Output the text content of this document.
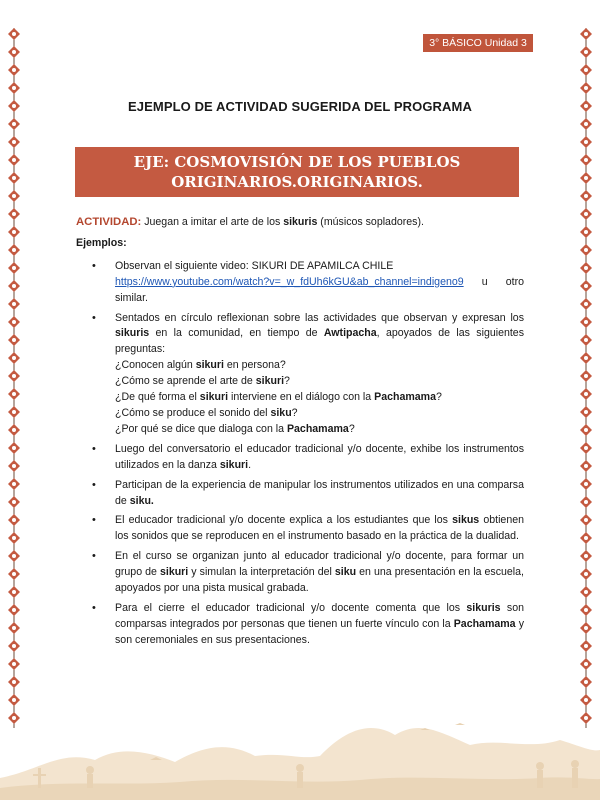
3° BÁSICO Unidad 3
EJEMPLO DE ACTIVIDAD SUGERIDA DEL PROGRAMA
EJE: COSMOVISIÓN DE LOS PUEBLOS
ORIGINARIOS.ORIGINARIOS.

ACTIVIDAD: Juegan a imitar el arte de los sikuris (músicos sopladores).

Ejemplos:

• Observan el siguiente video: SIKURI DE APAMILCA CHILE
https://www.youtube.com/watch?v=_w_fdUh6kGU&ab_channel=indigeno9 u otro similar.
• Sentados en círculo reflexionan sobre las actividades que observan y expresan los sikuris en la comunidad, en tiempo de Awtipacha, apoyados de las siguientes preguntas:
¿Conocen algún sikuri en persona?
¿Cómo se aprende el arte de sikuri?
¿De qué forma el sikuri interviene en el diálogo con la Pachamama?
¿Cómo se produce el sonido del siku?
¿Por qué se dice que dialoga con la Pachamama?
• Luego del conversatorio el educador tradicional y/o docente, exhibe los instrumentos utilizados en la danza sikuri.
• Participan de la experiencia de manipular los instrumentos utilizados en una comparsa de siku.
• El educador tradicional y/o docente explica a los estudiantes que los sikus obtienen los sonidos que se reproducen en el instrumento basado en la práctica de la dualidad.
• En el curso se organizan junto al educador tradicional y/o docente, para formar un grupo de sikuri y simulan la interpretación del siku en una presentación en la escuela, apoyados por una pista musical grabada.
• Para el cierre el educador tradicional y/o docente comenta que los sikuris son comparsas integrados por personas que tienen un fuerte vínculo con la Pachamama y son ceremoniales en sus presentaciones.
